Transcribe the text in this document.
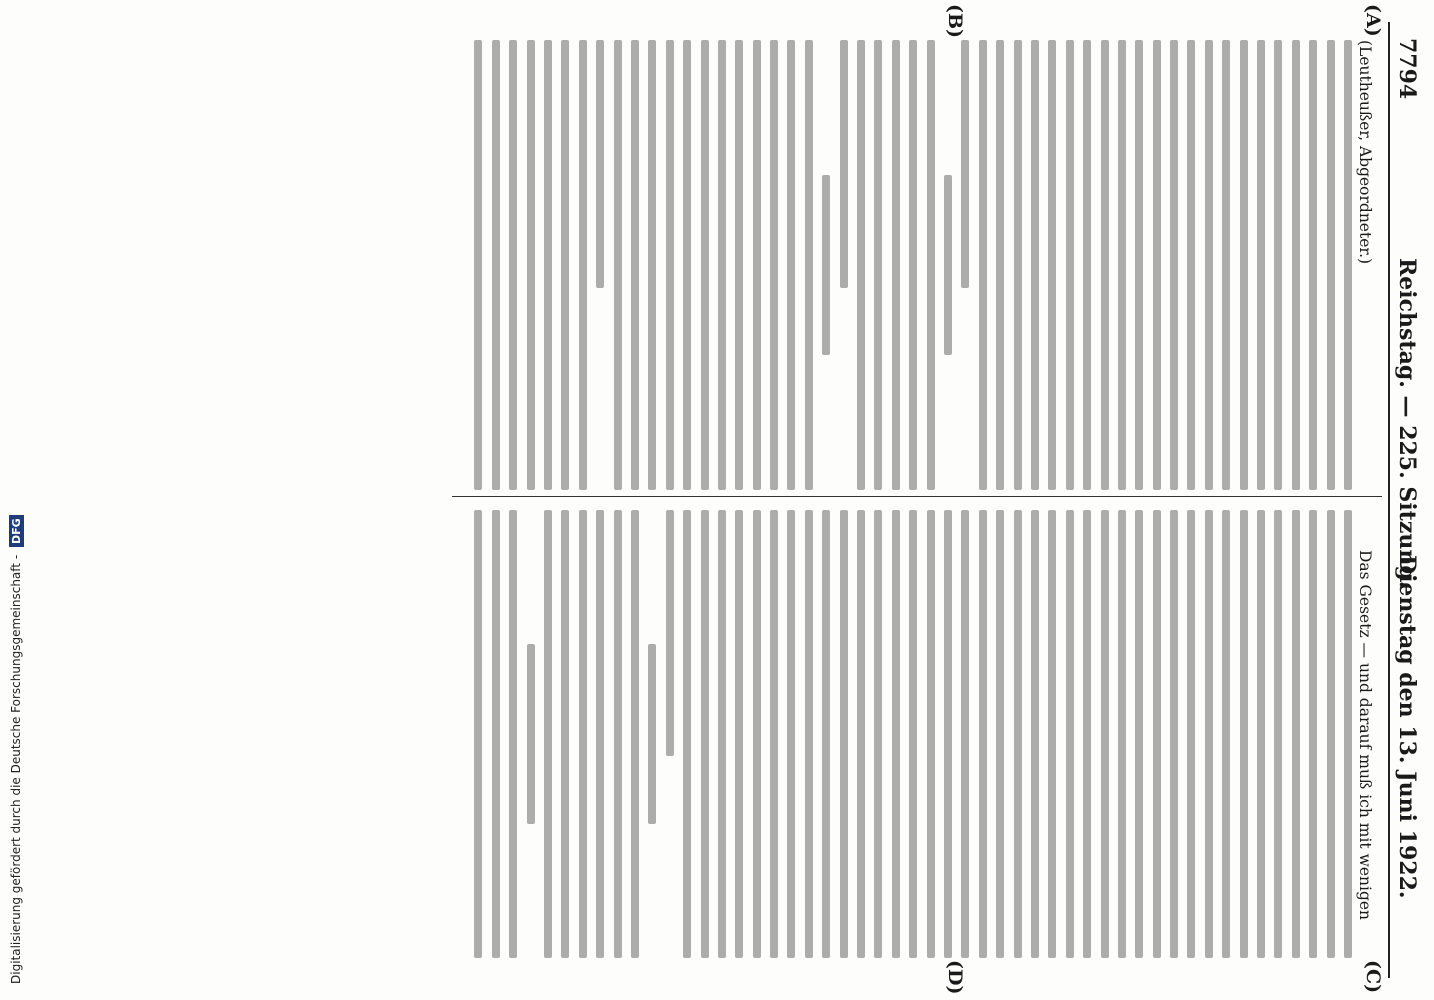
7794
Reichstag. — 225. Sitzung.
Dienstag den 13. Juni 1922.
(A)
(B)
(C)
(D)
(Leutheußer, Abgeordneter.)
Das Gesetz — und darauf muß ich mit wenigen
Digitalisierung gefördert durch die Deutsche Forschungsgemeinschaft - DFG
